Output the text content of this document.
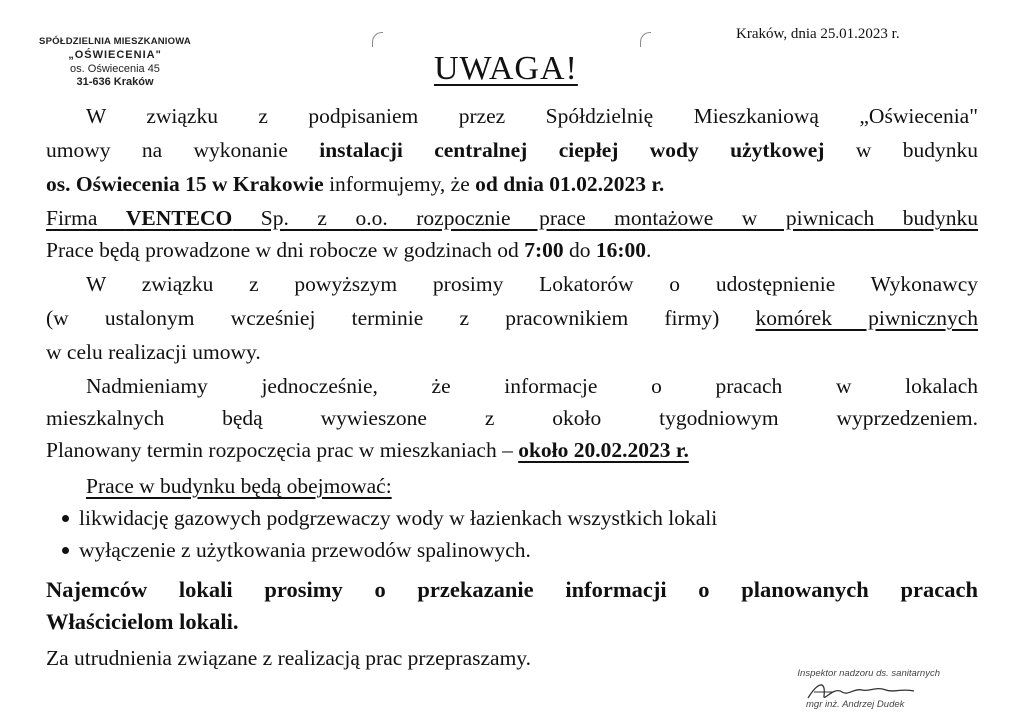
SPÓŁDZIELNIA MIESZKANIOWA
„OŚWIECENIA"
os. Oświecenia 45
31-636 Kraków
Kraków, dnia 25.01.2023 r.
UWAGA!
W związku z podpisaniem przez Spółdzielnię Mieszkaniową „Oświecenia"
umowy na wykonanie instalacji centralnej ciepłej wody użytkowej w budynku
os. Oświecenia 15 w Krakowie informujemy, że od dnia 01.02.2023 r.
Firma VENTECO Sp. z o.o. rozpocznie prace montażowe w piwnicach budynku
Prace będą prowadzone w dni robocze w godzinach od 7:00 do 16:00.
W związku z powyższym prosimy Lokatorów o udostępnienie Wykonawcy
(w ustalonym wcześniej terminie z pracownikiem firmy) komórek piwnicznych
w celu realizacji umowy.
Nadmieniamy jednocześnie, że informacje o pracach w lokalach
mieszkalnych będą wywieszone z około tygodniowym wyprzedzeniem.
Planowany termin rozpoczęcia prac w mieszkaniach – około 20.02.2023 r.
Prace w budynku będą obejmować:
likwidację gazowych podgrzewaczy wody w łazienkach wszystkich lokali
wyłączenie z użytkowania przewodów spalinowych.
Najemców lokali prosimy o przekazanie informacji o planowanych pracach
Właścicielom lokali.
Za utrudnienia związane z realizacją prac przepraszamy.
Inspektor nadzoru ds. sanitarnych
mgr inż. Andrzej Dudek
